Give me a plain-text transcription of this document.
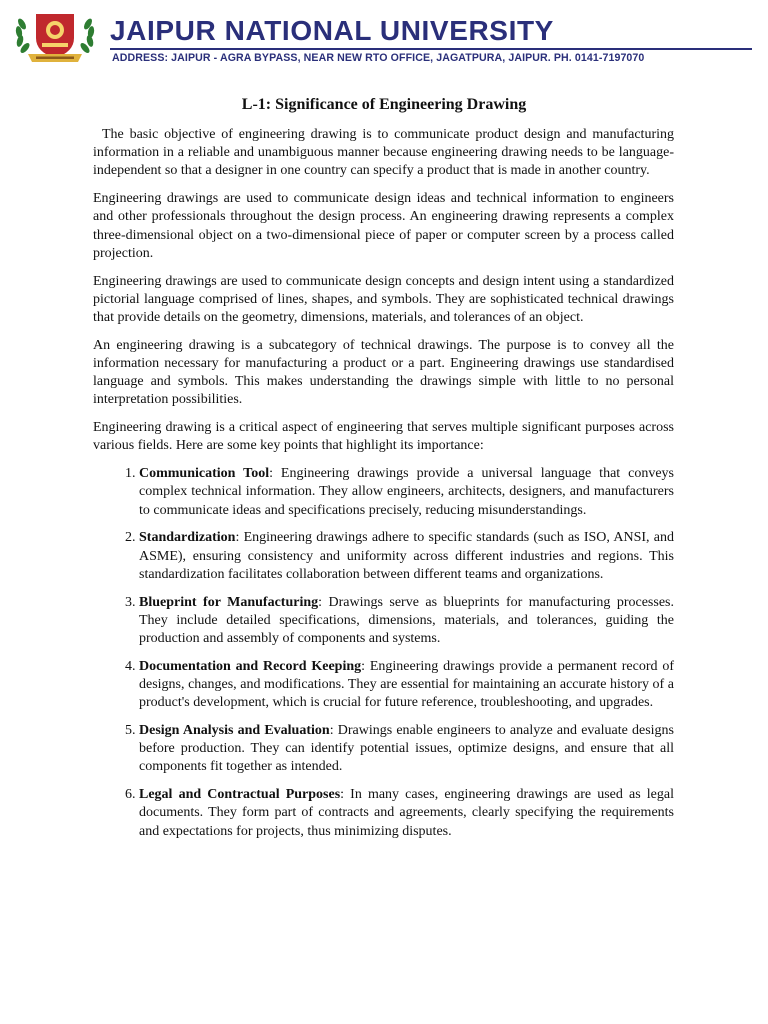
JAIPUR NATIONAL UNIVERSITY
ADDRESS: JAIPUR - AGRA BYPASS, NEAR NEW RTO OFFICE, JAGATPURA, JAIPUR. PH. 0141-7197070
L-1: Significance of Engineering Drawing

The basic objective of engineering drawing is to communicate product design and manufacturing information in a reliable and unambiguous manner because engineering drawing needs to be language-independent so that a designer in one country can specify a product that is made in another country.

Engineering drawings are used to communicate design ideas and technical information to engineers and other professionals throughout the design process. An engineering drawing represents a complex three-dimensional object on a two-dimensional piece of paper or computer screen by a process called projection.

Engineering drawings are used to communicate design concepts and design intent using a standardized pictorial language comprised of lines, shapes, and symbols. They are sophisticated technical drawings that provide details on the geometry, dimensions, materials, and tolerances of an object.

An engineering drawing is a subcategory of technical drawings. The purpose is to convey all the information necessary for manufacturing a product or a part. Engineering drawings use standardised language and symbols. This makes understanding the drawings simple with little to no personal interpretation possibilities.

Engineering drawing is a critical aspect of engineering that serves multiple significant purposes across various fields. Here are some key points that highlight its importance:

1. Communication Tool: Engineering drawings provide a universal language that conveys complex technical information. They allow engineers, architects, designers, and manufacturers to communicate ideas and specifications precisely, reducing misunderstandings.
2. Standardization: Engineering drawings adhere to specific standards (such as ISO, ANSI, and ASME), ensuring consistency and uniformity across different industries and regions. This standardization facilitates collaboration between different teams and organizations.
3. Blueprint for Manufacturing: Drawings serve as blueprints for manufacturing processes. They include detailed specifications, dimensions, materials, and tolerances, guiding the production and assembly of components and systems.
4. Documentation and Record Keeping: Engineering drawings provide a permanent record of designs, changes, and modifications. They are essential for maintaining an accurate history of a product's development, which is crucial for future reference, troubleshooting, and upgrades.
5. Design Analysis and Evaluation: Drawings enable engineers to analyze and evaluate designs before production. They can identify potential issues, optimize designs, and ensure that all components fit together as intended.
6. Legal and Contractual Purposes: In many cases, engineering drawings are used as legal documents. They form part of contracts and agreements, clearly specifying the requirements and expectations for projects, thus minimizing disputes.
